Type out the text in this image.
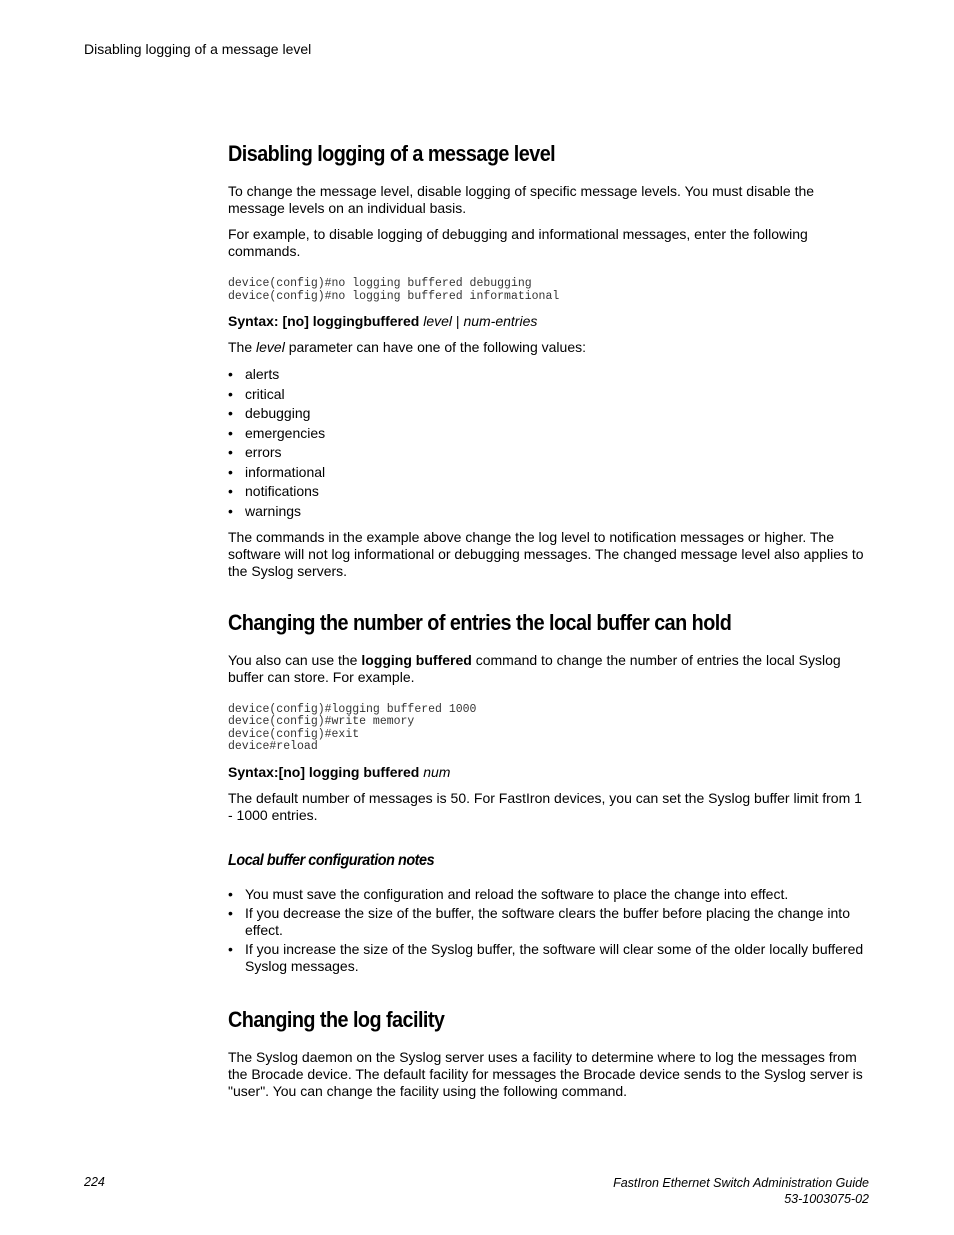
Disabling logging of a message level
Disabling logging of a message level

To change the message level, disable logging of specific message levels. You must disable the message levels on an individual basis.

For example, to disable logging of debugging and informational messages, enter the following commands.

device(config)#no logging buffered debugging
device(config)#no logging buffered informational

Syntax: [no] loggingbuffered level | num-entries

The level parameter can have one of the following values:

• alerts
• critical
• debugging
• emergencies
• errors
• informational
• notifications
• warnings

The commands in the example above change the log level to notification messages or higher. The software will not log informational or debugging messages. The changed message level also applies to the Syslog servers.

Changing the number of entries the local buffer can hold

You also can use the logging buffered command to change the number of entries the local Syslog buffer can store. For example.

device(config)#logging buffered 1000
device(config)#write memory
device(config)#exit
device#reload

Syntax:[no] logging buffered num

The default number of messages is 50. For FastIron devices, you can set the Syslog buffer limit from 1 - 1000 entries.

Local buffer configuration notes
• You must save the configuration and reload the software to place the change into effect.
• If you decrease the size of the buffer, the software clears the buffer before placing the change into effect.
• If you increase the size of the Syslog buffer, the software will clear some of the older locally buffered Syslog messages.
Changing the log facility

The Syslog daemon on the Syslog server uses a facility to determine where to log the messages from the Brocade device. The default facility for messages the Brocade device sends to the Syslog server is "user". You can change the facility using the following command.

224	FastIron Ethernet Switch Administration Guide
53-1003075-02
